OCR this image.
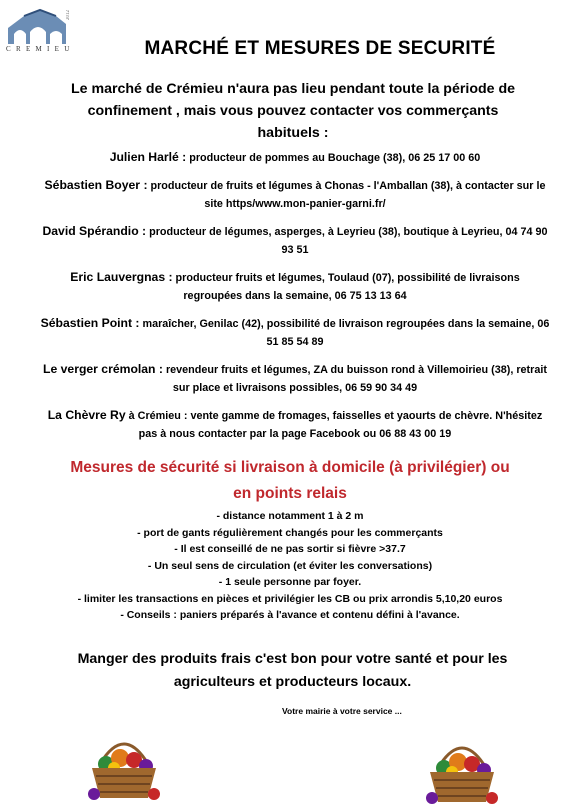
CREMIEU
2012
MARCHÉ ET MESURES DE SECURITÉ
Le marché de Crémieu n'aura pas lieu pendant toute la période de confinement , mais vous pouvez contacter vos commerçants habituels :
Julien Harlé : producteur de pommes au Bouchage (38), 06 25 17 00 60
Sébastien Boyer : producteur de fruits et légumes à Chonas - l'Amballan (38), à contacter sur le site https/www.mon-panier-garni.fr/
David Spérandio : producteur de légumes, asperges, à Leyrieu (38), boutique à Leyrieu, 04 74 90 93 51
Eric Lauvergnas : producteur fruits et légumes, Toulaud (07), possibilité de livraisons regroupées dans la semaine, 06 75 13 13 64
Sébastien Point : maraîcher, Genilac (42), possibilité de livraison regroupées dans la semaine, 06 51 85 54 89
Le verger crémolan : revendeur fruits et légumes, ZA du buisson rond à Villemoirieu (38), retrait sur place et livraisons possibles, 06 59 90 34 49
La Chèvre Ry à Crémieu : vente gamme de fromages, faisselles et yaourts de chèvre. N'hésitez pas à nous contacter par la page Facebook ou 06 88 43 00 19
Mesures de sécurité si livraison à domicile (à privilégier) ou en points relais
- distance notamment 1 à 2 m
- port de gants régulièrement changés pour les commerçants
- Il est conseillé de ne pas sortir si fièvre >37.7
- Un seul sens de circulation (et éviter les conversations)
- 1 seule personne par foyer.
- limiter les transactions en pièces et privilégier les CB ou prix arrondis 5,10,20 euros
- Conseils : paniers préparés à l'avance et contenu défini à l'avance.
Manger des produits frais c'est bon pour votre santé et pour les agriculteurs et producteurs locaux.
Votre mairie à votre service ...
